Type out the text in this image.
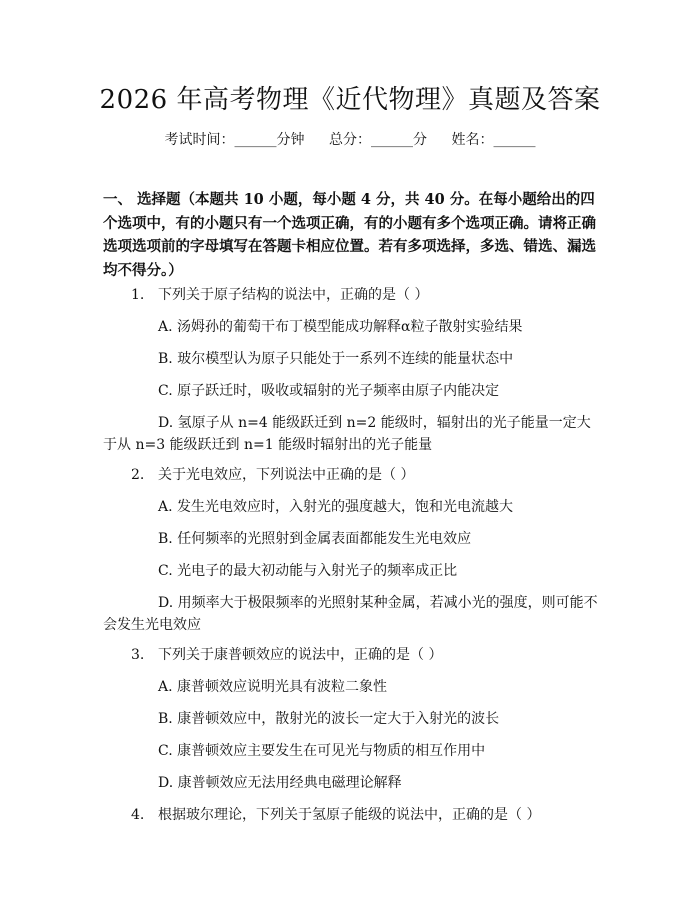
2026 年高考物理《近代物理》真题及答案
考试时间：______分钟 总分：______分 姓名：______
一、 选择题（本题共 10 小题，每小题 4 分，共 40 分。在每小题给出的四个选项中，有的小题只有一个选项正确，有的小题有多个选项正确。请将正确选项选项前的字母填写在答题卡相应位置。若有多项选择，多选、错选、漏选均不得分。）
1. 下列关于原子结构的说法中，正确的是（ ）
A. 汤姆孙的葡萄干布丁模型能成功解释α粒子散射实验结果
B. 玻尔模型认为原子只能处于一系列不连续的能量状态中
C. 原子跃迁时，吸收或辐射的光子频率由原子内能决定
D. 氢原子从 n=4 能级跃迁到 n=2 能级时，辐射出的光子能量一定大于从 n=3 能级跃迁到 n=1 能级时辐射出的光子能量
2. 关于光电效应，下列说法中正确的是（ ）
A. 发生光电效应时，入射光的强度越大，饱和光电流越大
B. 任何频率的光照射到金属表面都能发生光电效应
C. 光电子的最大初动能与入射光子的频率成正比
D. 用频率大于极限频率的光照射某种金属，若减小光的强度，则可能不会发生光电效应
3. 下列关于康普顿效应的说法中，正确的是（ ）
A. 康普顿效应说明光具有波粒二象性
B. 康普顿效应中，散射光的波长一定大于入射光的波长
C. 康普顿效应主要发生在可见光与物质的相互作用中
D. 康普顿效应无法用经典电磁理论解释
4. 根据玻尔理论，下列关于氢原子能级的说法中，正确的是（ ）
